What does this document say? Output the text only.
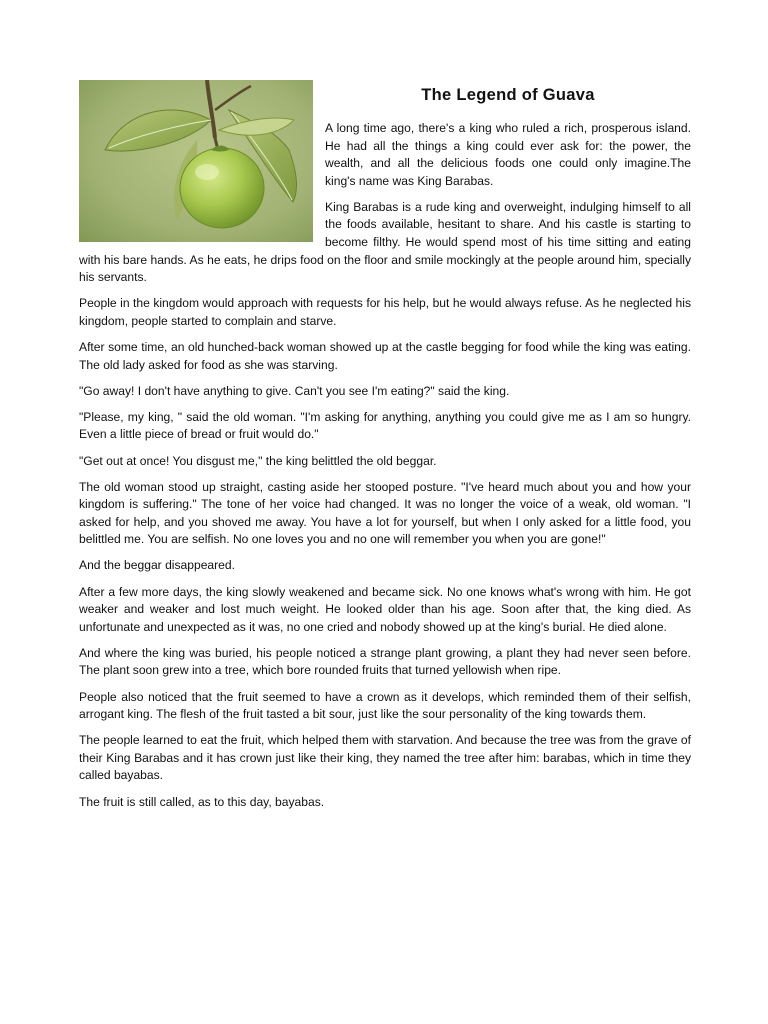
The Legend of Guava

A long time ago, there's a king who ruled a rich, prosperous island. He had all the things a king could ever ask for: the power, the wealth, and all the delicious foods one could only imagine.The king's name was King Barabas.

King Barabas is a rude king and overweight, indulging himself to all the foods available, hesitant to share. And his castle is starting to become filthy. He would spend most of his time sitting and eating with his bare hands. As he eats, he drips food on the floor and smile mockingly at the people around him, specially his servants.

People in the kingdom would approach with requests for his help, but he would always refuse. As he neglected his kingdom, people started to complain and starve.

After some time, an old hunched-back woman showed up at the castle begging for food while the king was eating. The old lady asked for food as she was starving.

"Go away! I don't have anything to give. Can't you see I'm eating?" said the king.

"Please, my king, " said the old woman. "I'm asking for anything, anything you could give me as I am so hungry. Even a little piece of bread or fruit would do."

"Get out at once! You disgust me," the king belittled the old beggar.

The old woman stood up straight, casting aside her stooped posture. "I've heard much about you and how your kingdom is suffering." The tone of her voice had changed. It was no longer the voice of a weak, old woman. "I asked for help, and you shoved me away. You have a lot for yourself, but when I only asked for a little food, you belittled me. You are selfish. No one loves you and no one will remember you when you are gone!"

And the beggar disappeared.

After a few more days, the king slowly weakened and became sick. No one knows what's wrong with him. He got weaker and weaker and lost much weight. He looked older than his age. Soon after that, the king died. As unfortunate and unexpected as it was, no one cried and nobody showed up at the king's burial. He died alone.

And where the king was buried, his people noticed a strange plant growing, a plant they had never seen before. The plant soon grew into a tree, which bore rounded fruits that turned yellowish when ripe.

People also noticed that the fruit seemed to have a crown as it develops, which reminded them of their selfish, arrogant king. The flesh of the fruit tasted a bit sour, just like the sour personality of the king towards them.

The people learned to eat the fruit, which helped them with starvation. And because the tree was from the grave of their King Barabas and it has crown just like their king, they named the tree after him: barabas, which in time they called bayabas.

The fruit is still called, as to this day, bayabas.
